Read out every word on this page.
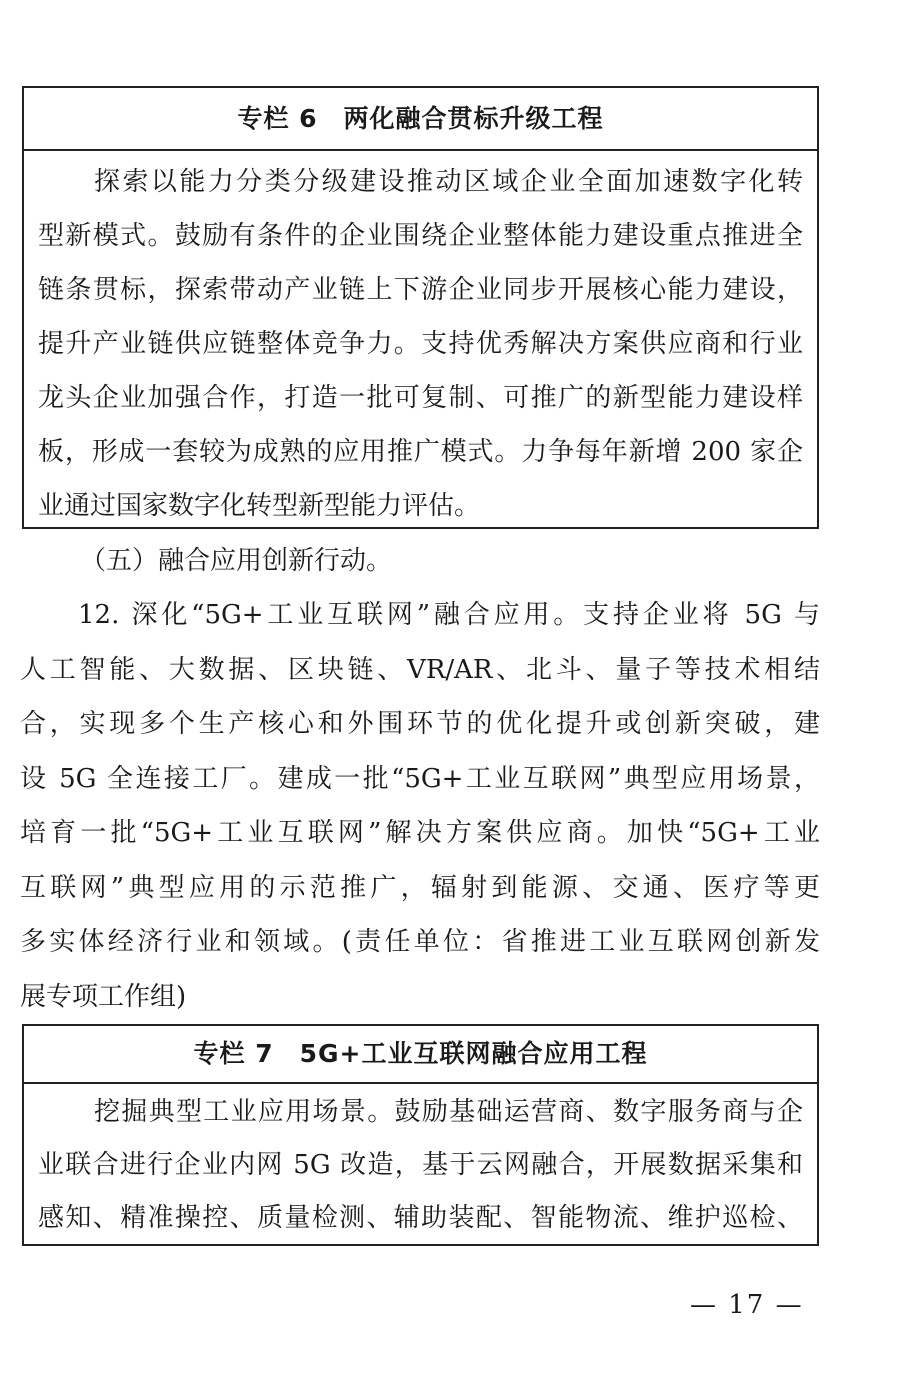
专栏 6　两化融合贯标升级工程
探索以能力分类分级建设推动区域企业全面加速数字化转
型新模式。鼓励有条件的企业围绕企业整体能力建设重点推进全
链条贯标，探索带动产业链上下游企业同步开展核心能力建设，
提升产业链供应链整体竞争力。支持优秀解决方案供应商和行业
龙头企业加强合作，打造一批可复制、可推广的新型能力建设样
板，形成一套较为成熟的应用推广模式。力争每年新增 200 家企
业通过国家数字化转型新型能力评估。
（五）融合应用创新行动。
12. 深化“5G+工业互联网”融合应用。支持企业将 5G 与
人工智能、大数据、区块链、VR/AR、北斗、量子等技术相结
合，实现多个生产核心和外围环节的优化提升或创新突破，建
设 5G 全连接工厂。建成一批“5G+工业互联网”典型应用场景，
培育一批“5G+工业互联网”解决方案供应商。加快“5G+工业
互联网”典型应用的示范推广，辐射到能源、交通、医疗等更
多实体经济行业和领域。(责任单位：省推进工业互联网创新发
展专项工作组)
专栏 7　5G+工业互联网融合应用工程
挖掘典型工业应用场景。鼓励基础运营商、数字服务商与企
业联合进行企业内网 5G 改造，基于云网融合，开展数据采集和
感知、精准操控、质量检测、辅助装配、智能物流、维护巡检、
— 17 —
